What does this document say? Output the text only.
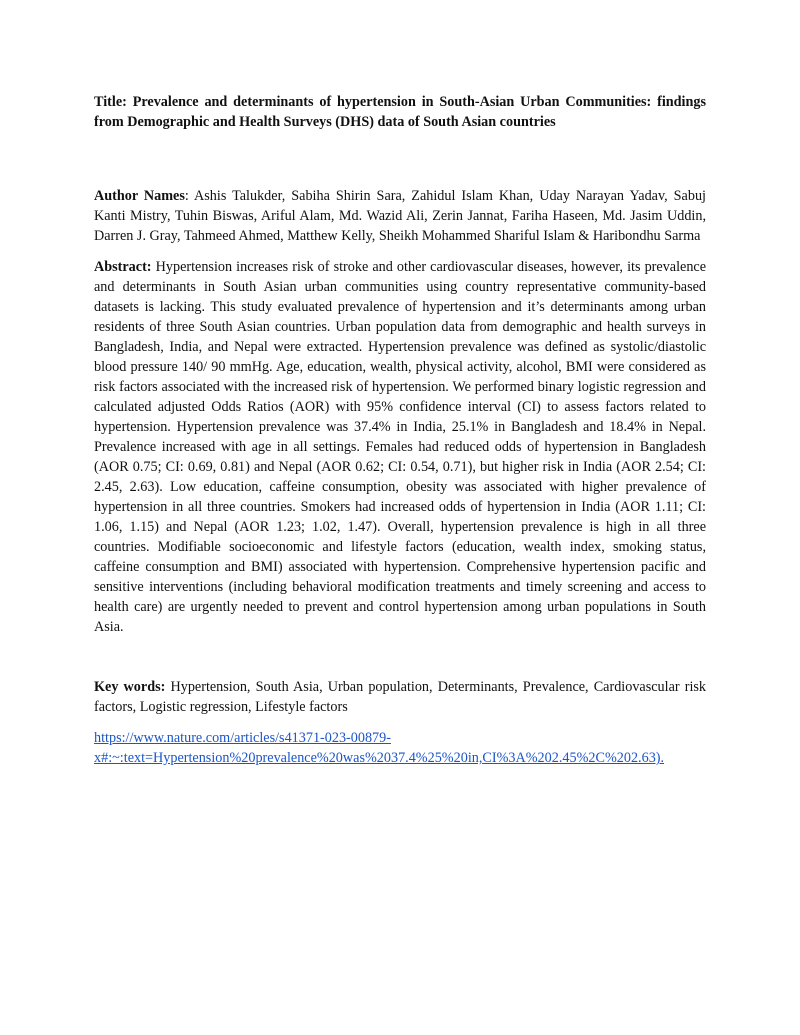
Title: Prevalence and determinants of hypertension in South-Asian Urban Communities: findings from Demographic and Health Surveys (DHS) data of South Asian countries

Author Names: Ashis Talukder, Sabiha Shirin Sara, Zahidul Islam Khan, Uday Narayan Yadav, Sabuj Kanti Mistry, Tuhin Biswas, Ariful Alam, Md. Wazid Ali, Zerin Jannat, Fariha Haseen, Md. Jasim Uddin, Darren J. Gray, Tahmeed Ahmed, Matthew Kelly, Sheikh Mohammed Shariful Islam & Haribondhu Sarma

Abstract: Hypertension increases risk of stroke and other cardiovascular diseases, however, its prevalence and determinants in South Asian urban communities using country representative community-based datasets is lacking. This study evaluated prevalence of hypertension and it’s determinants among urban residents of three South Asian countries. Urban population data from demographic and health surveys in Bangladesh, India, and Nepal were extracted. Hypertension prevalence was defined as systolic/diastolic blood pressure 140/ 90 mmHg. Age, education, wealth, physical activity, alcohol, BMI were considered as risk factors associated with the increased risk of hypertension. We performed binary logistic regression and calculated adjusted Odds Ratios (AOR) with 95% confidence interval (CI) to assess factors related to hypertension. Hypertension prevalence was 37.4% in India, 25.1% in Bangladesh and 18.4% in Nepal. Prevalence increased with age in all settings. Females had reduced odds of hypertension in Bangladesh (AOR 0.75; CI: 0.69, 0.81) and Nepal (AOR 0.62; CI: 0.54, 0.71), but higher risk in India (AOR 2.54; CI: 2.45, 2.63). Low education, caffeine consumption, obesity was associated with higher prevalence of hypertension in all three countries. Smokers had increased odds of hypertension in India (AOR 1.11; CI: 1.06, 1.15) and Nepal (AOR 1.23; 1.02, 1.47). Overall, hypertension prevalence is high in all three countries. Modifiable socioeconomic and lifestyle factors (education, wealth index, smoking status, caffeine consumption and BMI) associated with hypertension. Comprehensive hypertension pacific and sensitive interventions (including behavioral modification treatments and timely screening and access to health care) are urgently needed to prevent and control hypertension among urban populations in South Asia.

Key words: Hypertension, South Asia, Urban population, Determinants, Prevalence, Cardiovascular risk factors, Logistic regression, Lifestyle factors

https://www.nature.com/articles/s41371-023-00879-
x#:~:text=Hypertension%20prevalence%20was%2037.4%25%20in,CI%3A%202.45%2C%202.63).
